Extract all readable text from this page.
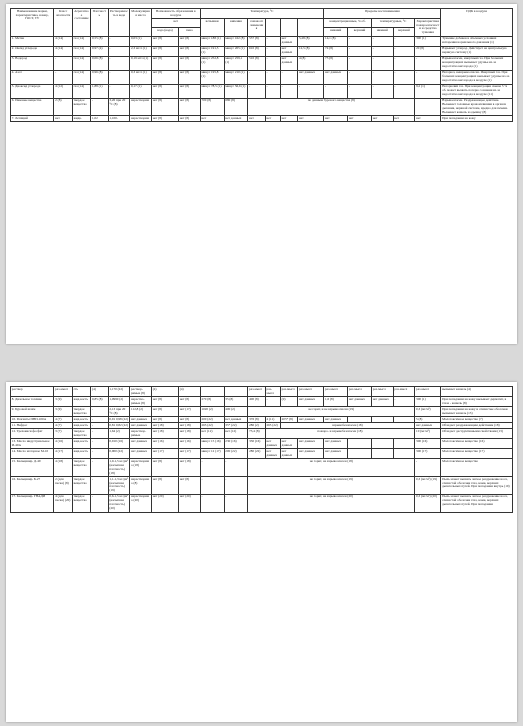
Наименование марки, характеристика, номер, ГОСТ, ТУ	Класс опасности	Агрегатное состояние	Плотность	Растворимость в воде	Молекулярная масса	Возможность образования в воздухе		Температура, °С						Пределы воспламенения					ПДК в воздухе
						нет		вспышки	кипения	самовоспламенения				концентрационные, % об.		температурные, °С		Характеристика пожароопасности и средства тушения	
						вода (вода)	пена							нижний	верхний	нижний	верхний		
1. Метан	4 (14)	газ (14)	0,55 (8)	-	0,03 (1)	нет (8)	нет (8)	минус 188 (1)	минус 162 (8)	537 (8)	-	нет данных	5,28 (8)	14,1 (8)	-	-	-	300 (1)	Тушение добавок в обычных условиях испарения нормального давления (1)
2. Оксид углерода	4 (14)	газ (14)	0,97 (4)	-	2,3 мг/л (1)	нет (8)	нет (8)	минус 191,5 (1)	минус 205 (1)	610 (8)	-	нет данных	12,5 (8)	74 (8)	-	-	-	20 (8)	Взрывает углерод. Действует на центральную нервную систему (1)
3. Водород	-	газ (14)	0,06 (8)	-	0,19 мг/л (1)	нет (8)	нет (8)	минус 252,8 (1)	минус 259,1 (1)	510 (8)	-	нет данных	4 (8)	75 (8)	-	-	-	-	Взрывоопасен, инертный газ. При больших концентрациях вызывает удушье из-за недостатка кислорода (1)
4. Азот	-	газ (14)	0,96 (8)	-	0,3 мг/л (1)	нет (8)	нет (8)	минус 195,8 (1)	минус 210 (1)	-	-	-	нет данных	нет данных	-	-	-	-	Негорюч, невзрывоопасен. Инертный газ. При больших концентрациях вызывает удушье из-за недостатка кислорода в воздухе (1)
5. Диоксид углерода	4 (12)	газ (14)	1,88 (1)	-	0,17 (1)	нет (8)	нет (8)	минус 78,5 (1)	минус 56,6 (1)	-	-	-	-	-	-	-	-	9,2 (1)	Негорючий газ. При концентрации свыше 5 % об. может вызвать потерю сознания из-за недостатка кислорода в воздухе (11)
6. Пиковые вещества	2 (8)	твердое вещество	-	3,26 при 20 °С (8)	нерастворим	нет (8)	нет (8)	700 (8)	680 (8)	по данным бурового вещества (8)									Взрывоопасен. Раздражающее действие. Вызывает головные кровоизлияния в органах дыхания, нервной системе, вредно для печени. Вызывает кашель и одышку (8)
7. Летящий	нет	жидк.	1,02	1,100-	нерастворим	нет (8)	нет (8)	нет	нет данных	нет	нет	нет	нет	нет	нет	нет	нет	нет	При попадании на кожу
раствор	раз-мысл	сть	(4)	1,170 (22)	раствор- римые (8)	(4)	(4)			раз-мысл	раз-мысл	раз-мысл	раз-мысл	раз-мысл	раз-мысл	раз-мысл	раз-мысл	раз-мысл	вызывает кашель (4)
8. Дизельное топливо	3 (9)	жид-кость	0,85 (8)	1,0990 (2)	нераство- римые (8)	нет (8)	нет (8)	270 (8)	35 (8)	400 (8)	-	(0)	нет данных	1,6 (8)	нет данных	нет данных	-	300 (1)	При попадании на кожу вызывает дерматит, в глаза - кашель (8)
9. Буровой шлам	3 (9)	твердое вещество	-	2,13 при 20 °С (8)	112,8 (2)	нет (8)	нет (17)	1020 (2)	400 (2)	не горит, и не взрывоопасен (19)								0,3 (мг/м³)	При попадании на кожу и слизистые оболочки вызывает кашель (13)
10. Реагенты ПНП-100А	4 (7)	жид-кость	-	0,91 0,98 (22)	нет данных	нет (8)	нет (8)	200 (22)	нет данных	376 (8)	4 (11)	205* (8)	нет данных	нет данных				5 (8)	Малотоксичное вещество (7)
11. Нефрас	4 (7)	жид-кость	-	0,81 0,82 (22)	нет данных	нет (18)	нет (18)	265 (22)	35* (22)	280 (2)	265 (22)	взрывобезопасен (18)						нет данных	Обладает раздражающим действием (18)
12. Трехокиси фосфат	3 (7)	твердое вещество	-	1,64 (2)	нераствор- римые	нет (18)	нет (18)	нет (12)	нет (12)	73,4 (8)	пожаро- и взрывобезопасен (18)							10 (мг/м³)	Обладает деструктивными свойствами (13)
13. Масло индустриальное И-40А	4 (16)	жид-кость	-	0,910 (16)	нет данных	нет (16)	нет (16)	минус 15 (16)	230 (16)	330 (16)	нет данных	нет данных	нет данных	нет данных				300 (16)	Малотоксичное вещество (16)
14. Масло моторное М-10	4 (17)	жид-кость	-	0,900 (22)	нет данных	нет (17)	нет (17)	минус 12 (17)	200 (22)	280 (22)	нет данных	нет данных	нет данных	нет данных				300 (17)	Малотоксичное вещество (17)
15. Кальцинир. Д-49	4 (18)	твердое вещество	-	1,0-1,5 кг/дм³ (насыпная плотность) (18)	нерастворимо (18)	нет (8)	нет (18)	-	-	не горит, не взрывоопасен (18)								-	Малотоксичное вещество
16. Кальцинир. Б-27	2 (для песка) (8)	твердое вещество	-	1,1-1,3 кг/дм³ (насыпная плотность) (19)	нерастворимо (8)	нет (8)	нет (8)	-	-	не горит, не взрывоопасен (19)								0,3 (мг/м³) (19)	Пыль может вызвать легкое раздражение носа, слизистой оболочки глаз, кожи, верхних дыхательных путей. При попадании внутрь (19)
17. Кальцинир. ГНАДИ	4 (для песка) (20)	твердое вещество	-	0,6-1,5 кг/дм³ (насыпная плотность) (20)	нерастворимо (20)	нет (20)	нет (20)	-	-	не горит, не взрывоопасен (20)								0,3 (мг/м³) (20)	Пыль может вызвать легкое раздражение носа, слизистой оболочки глаз, кожи, верхних дыхательных путей. При попадании
